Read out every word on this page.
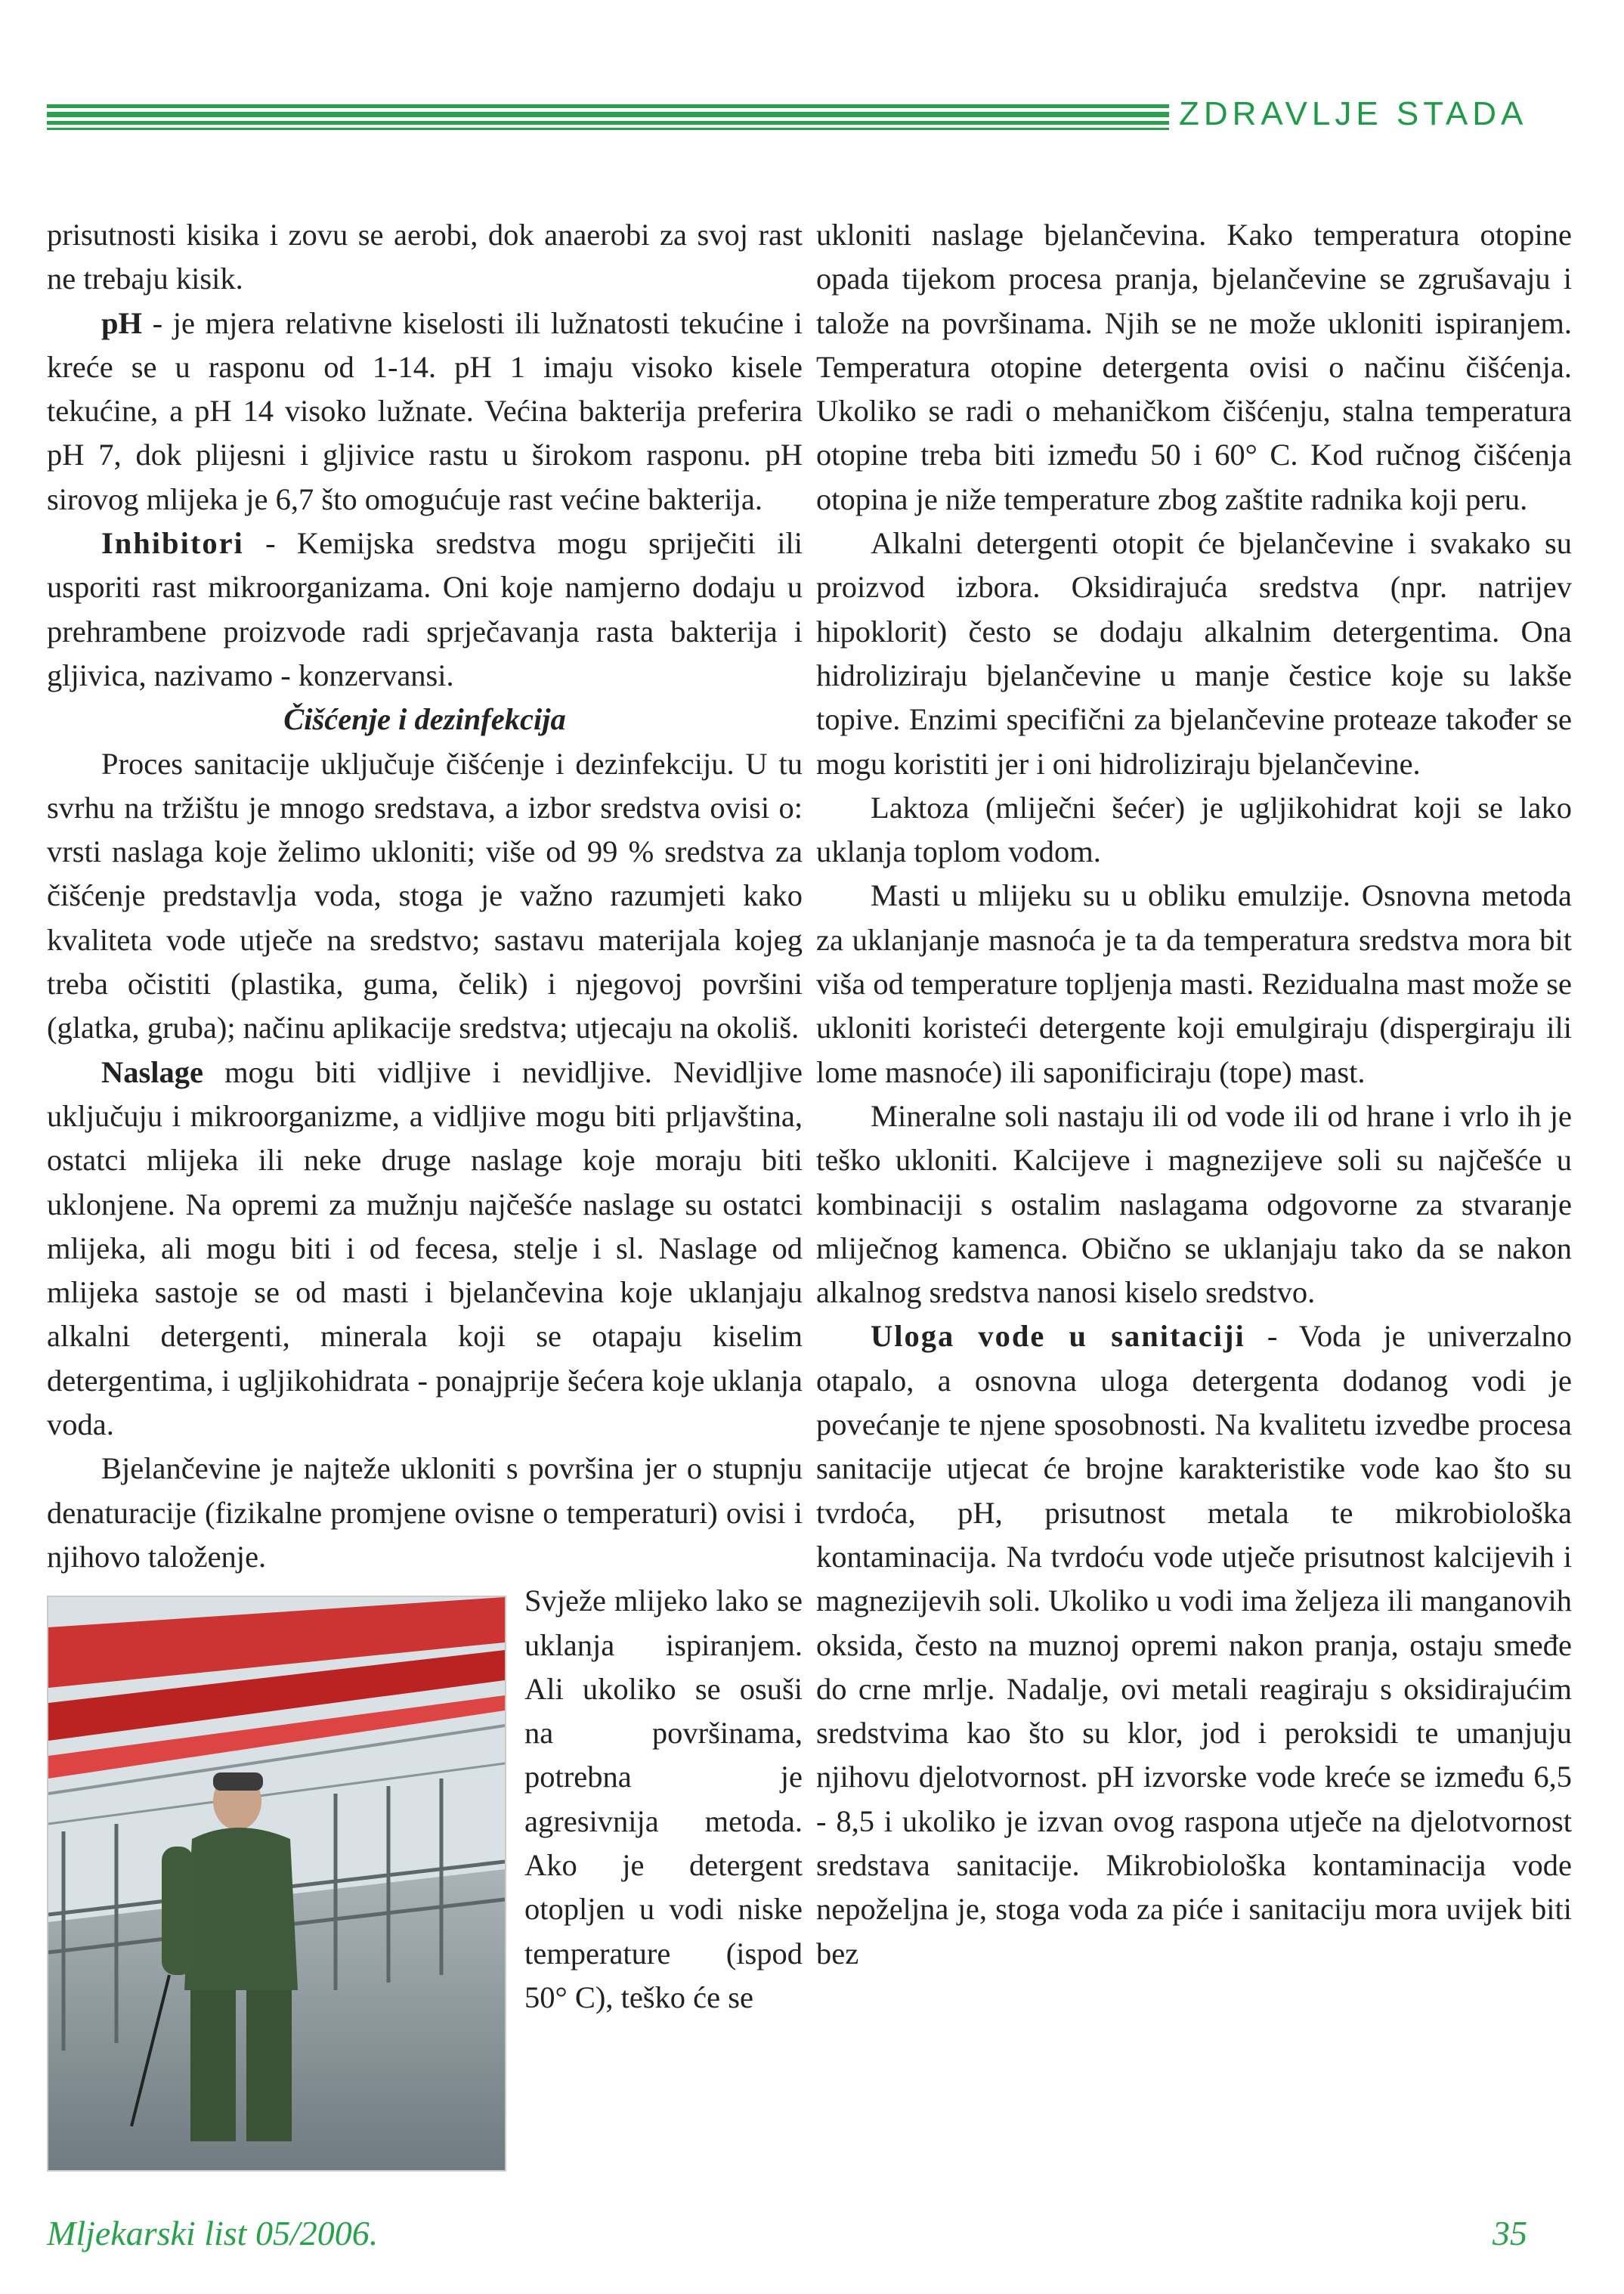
ZDRAVLJE STADA

prisutnosti kisika i zovu se aerobi, dok anaerobi za svoj rast ne trebaju kisik.

pH - je mjera relativne kiselosti ili lužnatosti tekućine i kreće se u rasponu od 1-14. pH 1 imaju visoko kisele tekućine, a pH 14 visoko lužnate. Većina bakterija preferira pH 7, dok plijesni i gljivice rastu u širokom rasponu. pH sirovog mlijeka je 6,7 što omogućuje rast većine bakterija.

Inhibitori - Kemijska sredstva mogu spriječiti ili usporiti rast mikroorganizama. Oni koje namjerno dodaju u prehrambene proizvode radi sprječavanja rasta bakterija i gljivica, nazivamo - konzervansi.

Čišćenje i dezinfekcija

Proces sanitacije uključuje čišćenje i dezinfekciju. U tu svrhu na tržištu je mnogo sredstava, a izbor sredstva ovisi o: vrsti naslaga koje želimo ukloniti; više od 99 % sredstva za čišćenje predstavlja voda, stoga je važno razumjeti kako kvaliteta vode utječe na sredstvo; sastavu materijala kojeg treba očistiti (plastika, guma, čelik) i njegovoj površini (glatka, gruba); načinu aplikacije sredstva; utjecaju na okoliš.

Naslage mogu biti vidljive i nevidljive. Nevidljive uključuju i mikroorganizme, a vidljive mogu biti prljavština, ostatci mlijeka ili neke druge naslage koje moraju biti uklonjene. Na opremi za mužnju najčešće naslage su ostatci mlijeka, ali mogu biti i od fecesa, stelje i sl. Naslage od mlijeka sastoje se od masti i bjelančevina koje uklanjaju alkalni detergenti, minerala koji se otapaju kiselim detergentima, i ugljikohidrata - ponajprije šećera koje uklanja voda.

Bjelančevine je najteže ukloniti s površina jer o stupnju denaturacije (fizikalne promjene ovisne o temperaturi) ovisi i njihovo taloženje.

Svježe mlijeko lako se uklanja ispiranjem. Ali ukoliko se osuši na površinama, potrebna je agresivnija metoda. Ako je detergent otopljen u vodi niske temperature (ispod 50° C), teško će se

ukloniti naslage bjelančevina. Kako temperatura otopine opada tijekom procesa pranja, bjelančevine se zgrušavaju i talože na površinama. Njih se ne može ukloniti ispiranjem. Temperatura otopine detergenta ovisi o načinu čišćenja. Ukoliko se radi o mehaničkom čišćenju, stalna temperatura otopine treba biti između 50 i 60° C. Kod ručnog čišćenja otopina je niže temperature zbog zaštite radnika koji peru.

Alkalni detergenti otopit će bjelančevine i svakako su proizvod izbora. Oksidirajuća sredstva (npr. natrijev hipoklorit) često se dodaju alkalnim detergentima. Ona hidroliziraju bjelančevine u manje čestice koje su lakše topive. Enzimi specifični za bjelančevine proteaze također se mogu koristiti jer i oni hidroliziraju bjelančevine.

Laktoza (mliječni šećer) je ugljikohidrat koji se lako uklanja toplom vodom.

Masti u mlijeku su u obliku emulzije. Osnovna metoda za uklanjanje masnoća je ta da temperatura sredstva mora bit viša od temperature topljenja masti. Rezidualna mast može se ukloniti koristeći detergente koji emulgiraju (dispergiraju ili lome masnoće) ili saponificiraju (tope) mast.

Mineralne soli nastaju ili od vode ili od hrane i vrlo ih je teško ukloniti. Kalcijeve i magnezijeve soli su najčešće u kombinaciji s ostalim naslagama odgovorne za stvaranje mliječnog kamenca. Obično se uklanjaju tako da se nakon alkalnog sredstva nanosi kiselo sredstvo.

Uloga vode u sanitaciji - Voda je univerzalno otapalo, a osnovna uloga detergenta dodanog vodi je povećanje te njene sposobnosti. Na kvalitetu izvedbe procesa sanitacije utjecat će brojne karakteristike vode kao što su tvrdoća, pH, prisutnost metala te mikrobiološka kontaminacija. Na tvrdoću vode utječe prisutnost kalcijevih i magnezijevih soli. Ukoliko u vodi ima željeza ili manganovih oksida, često na muznoj opremi nakon pranja, ostaju smeđe do crne mrlje. Nadalje, ovi metali reagiraju s oksidirajućim sredstvima kao što su klor, jod i peroksidi te umanjuju njihovu djelotvornost. pH izvorske vode kreće se između 6,5 - 8,5 i ukoliko je izvan ovog raspona utječe na djelotvornost sredstava sanitacije. Mikrobiološka kontaminacija vode nepoželjna je, stoga voda za piće i sanitaciju mora uvijek biti bez

Mljekarski list 05/2006.	35
